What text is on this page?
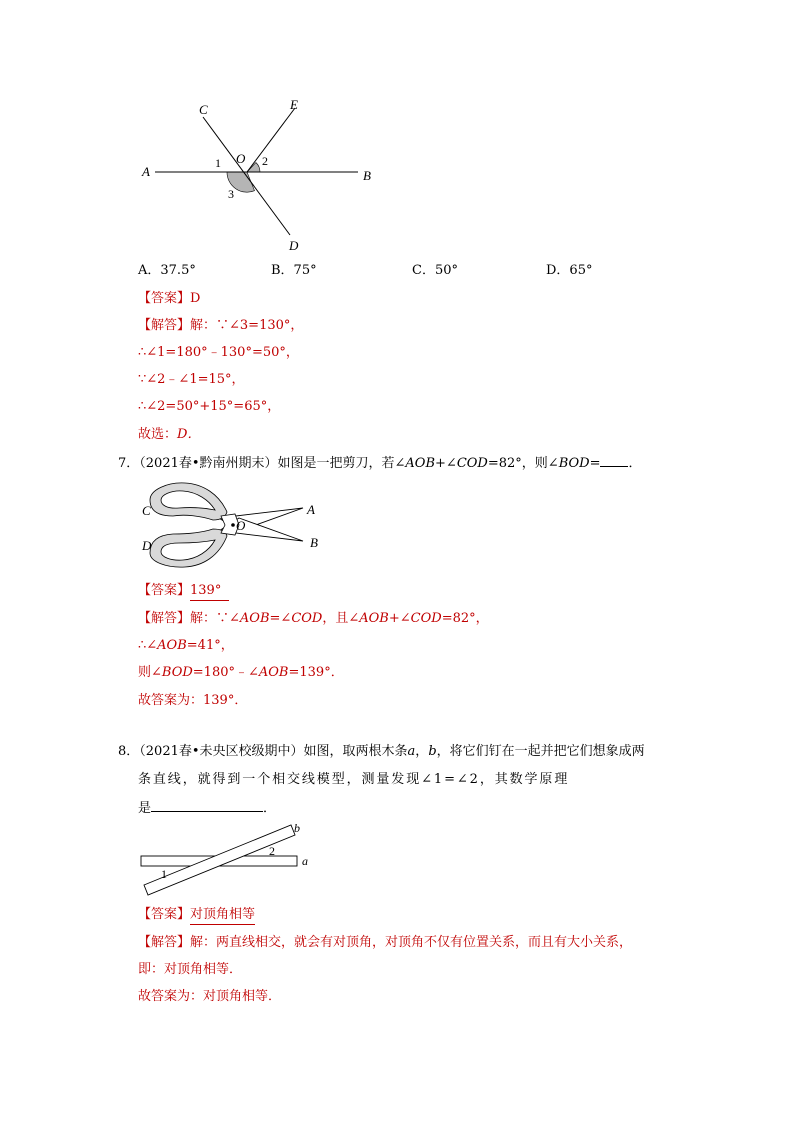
A	B
C
D
E
O
1	2
3
A．37.5°	B．75°	C．50°	D．65°
【答案】D
【解答】解：∵∠3=130°，
∴∠1=180°﹣130°=50°，
∵∠2﹣∠1=15°，
∴∠2=50°+15°=65°，
故选：D．
7．（2021春•黔南州期末）如图是一把剪刀，若∠AOB+∠COD=82°，则∠BOD= ．
O
A
B
C
D
【答案】139°
【解答】解：∵∠AOB=∠COD，且∠AOB+∠COD=82°，
∴∠AOB=41°，
则∠BOD=180°﹣∠AOB=139°．
故答案为：139°．
8．（2021春•未央区校级期中）如图，取两根木条a，b，将它们钉在一起并把它们想象成两
条直线，就得到一个相交线模型，测量发现∠1=∠2，其数学原理
是	．
a
b
1
2
【答案】对顶角相等
【解答】解：两直线相交，就会有对顶角，对顶角不仅有位置关系，而且有大小关系，
即：对顶角相等．
故答案为：对顶角相等．
